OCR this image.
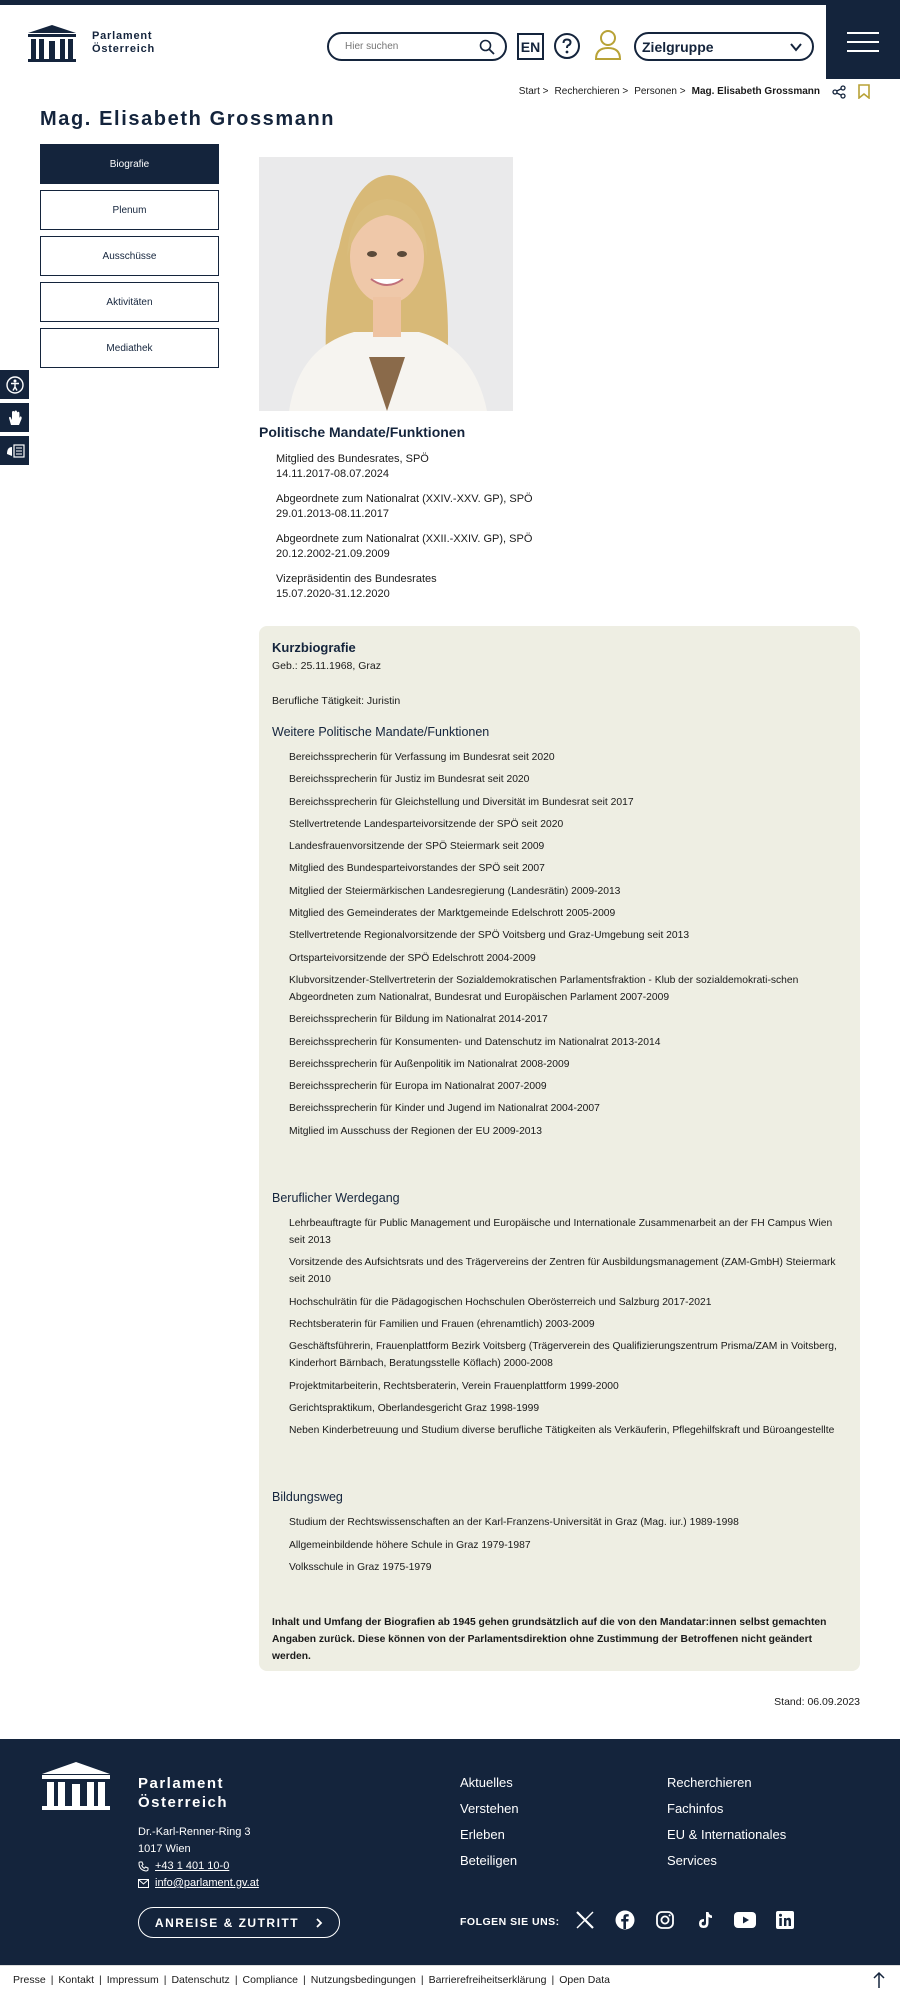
Parlament
Österreich
Hier suchen	EN	Zielgruppe
Start > Recherchieren > Personen > Mag. Elisabeth Grossmann
Mag. Elisabeth Grossmann
Biografie
Plenum
Ausschüsse
Aktivitäten
Mediathek
Politische Mandate/Funktionen
Mitglied des Bundesrates, SPÖ
14.11.2017-08.07.2024
Abgeordnete zum Nationalrat (XXIV.-XXV. GP), SPÖ
29.01.2013-08.11.2017
Abgeordnete zum Nationalrat (XXII.-XXIV. GP), SPÖ
20.12.2002-21.09.2009
Vizepräsidentin des Bundesrates
15.07.2020-31.12.2020
Kurzbiografie
Geb.: 25.11.1968, Graz
Berufliche Tätigkeit: Juristin
Weitere Politische Mandate/Funktionen
Bereichssprecherin für Verfassung im Bundesrat seit 2020
Bereichssprecherin für Justiz im Bundesrat seit 2020
Bereichssprecherin für Gleichstellung und Diversität im Bundesrat seit 2017
Stellvertretende Landesparteivorsitzende der SPÖ seit 2020
Landesfrauenvorsitzende der SPÖ Steiermark seit 2009
Mitglied des Bundesparteivorstandes der SPÖ seit 2007
Mitglied der Steiermärkischen Landesregierung (Landesrätin) 2009-2013
Mitglied des Gemeinderates der Marktgemeinde Edelschrott 2005-2009
Stellvertretende Regionalvorsitzende der SPÖ Voitsberg und Graz-Umgebung seit 2013
Ortsparteivorsitzende der SPÖ Edelschrott 2004-2009
Klubvorsitzender-Stellvertreterin der Sozialdemokratischen Parlamentsfraktion - Klub der sozialdemokrati-schen Abgeordneten zum Nationalrat, Bundesrat und Europäischen Parlament 2007-2009
Bereichssprecherin für Bildung im Nationalrat 2014-2017
Bereichssprecherin für Konsumenten- und Datenschutz im Nationalrat 2013-2014
Bereichssprecherin für Außenpolitik im Nationalrat 2008-2009
Bereichssprecherin für Europa im Nationalrat 2007-2009
Bereichssprecherin für Kinder und Jugend im Nationalrat 2004-2007
Mitglied im Ausschuss der Regionen der EU 2009-2013
Beruflicher Werdegang
Lehrbeauftragte für Public Management und Europäische und Internationale Zusammenarbeit an der FH Campus Wien seit 2013
Vorsitzende des Aufsichtsrats und des Trägervereins der Zentren für Ausbildungsmanagement (ZAM-GmbH) Steiermark seit 2010
Hochschulrätin für die Pädagogischen Hochschulen Oberösterreich und Salzburg 2017-2021
Rechtsberaterin für Familien und Frauen (ehrenamtlich) 2003-2009
Geschäftsführerin, Frauenplattform Bezirk Voitsberg (Trägerverein des Qualifizierungszentrum Prisma/ZAM in Voitsberg, Kinderhort Bärnbach, Beratungsstelle Köflach) 2000-2008
Projektmitarbeiterin, Rechtsberaterin, Verein Frauenplattform 1999-2000
Gerichtspraktikum, Oberlandesgericht Graz 1998-1999
Neben Kinderbetreuung und Studium diverse berufliche Tätigkeiten als Verkäuferin, Pflegehilfskraft und Büroangestellte
Bildungsweg
Studium der Rechtswissenschaften an der Karl-Franzens-Universität in Graz (Mag. iur.) 1989-1998
Allgemeinbildende höhere Schule in Graz 1979-1987
Volksschule in Graz 1975-1979

Inhalt und Umfang der Biografien ab 1945 gehen grundsätzlich auf die von den Mandatar:innen selbst gemachten Angaben zurück. Diese können von der Parlamentsdirektion ohne Zustimmung der Betroffenen nicht geändert werden.

Stand: 06.09.2023
Parlament
Österreich
Dr.-Karl-Renner-Ring 3
1017 Wien
+43 1 401 10-0
info@parlament.gv.at
ANREISE & ZUTRITT
Aktuelles
Verstehen
Erleben
Beteiligen
Recherchieren
Fachinfos
EU & Internationales
Services
FOLGEN SIE UNS:
Presse | Kontakt | Impressum | Datenschutz | Compliance | Nutzungsbedingungen | Barrierefreiheitserklärung | Open Data
